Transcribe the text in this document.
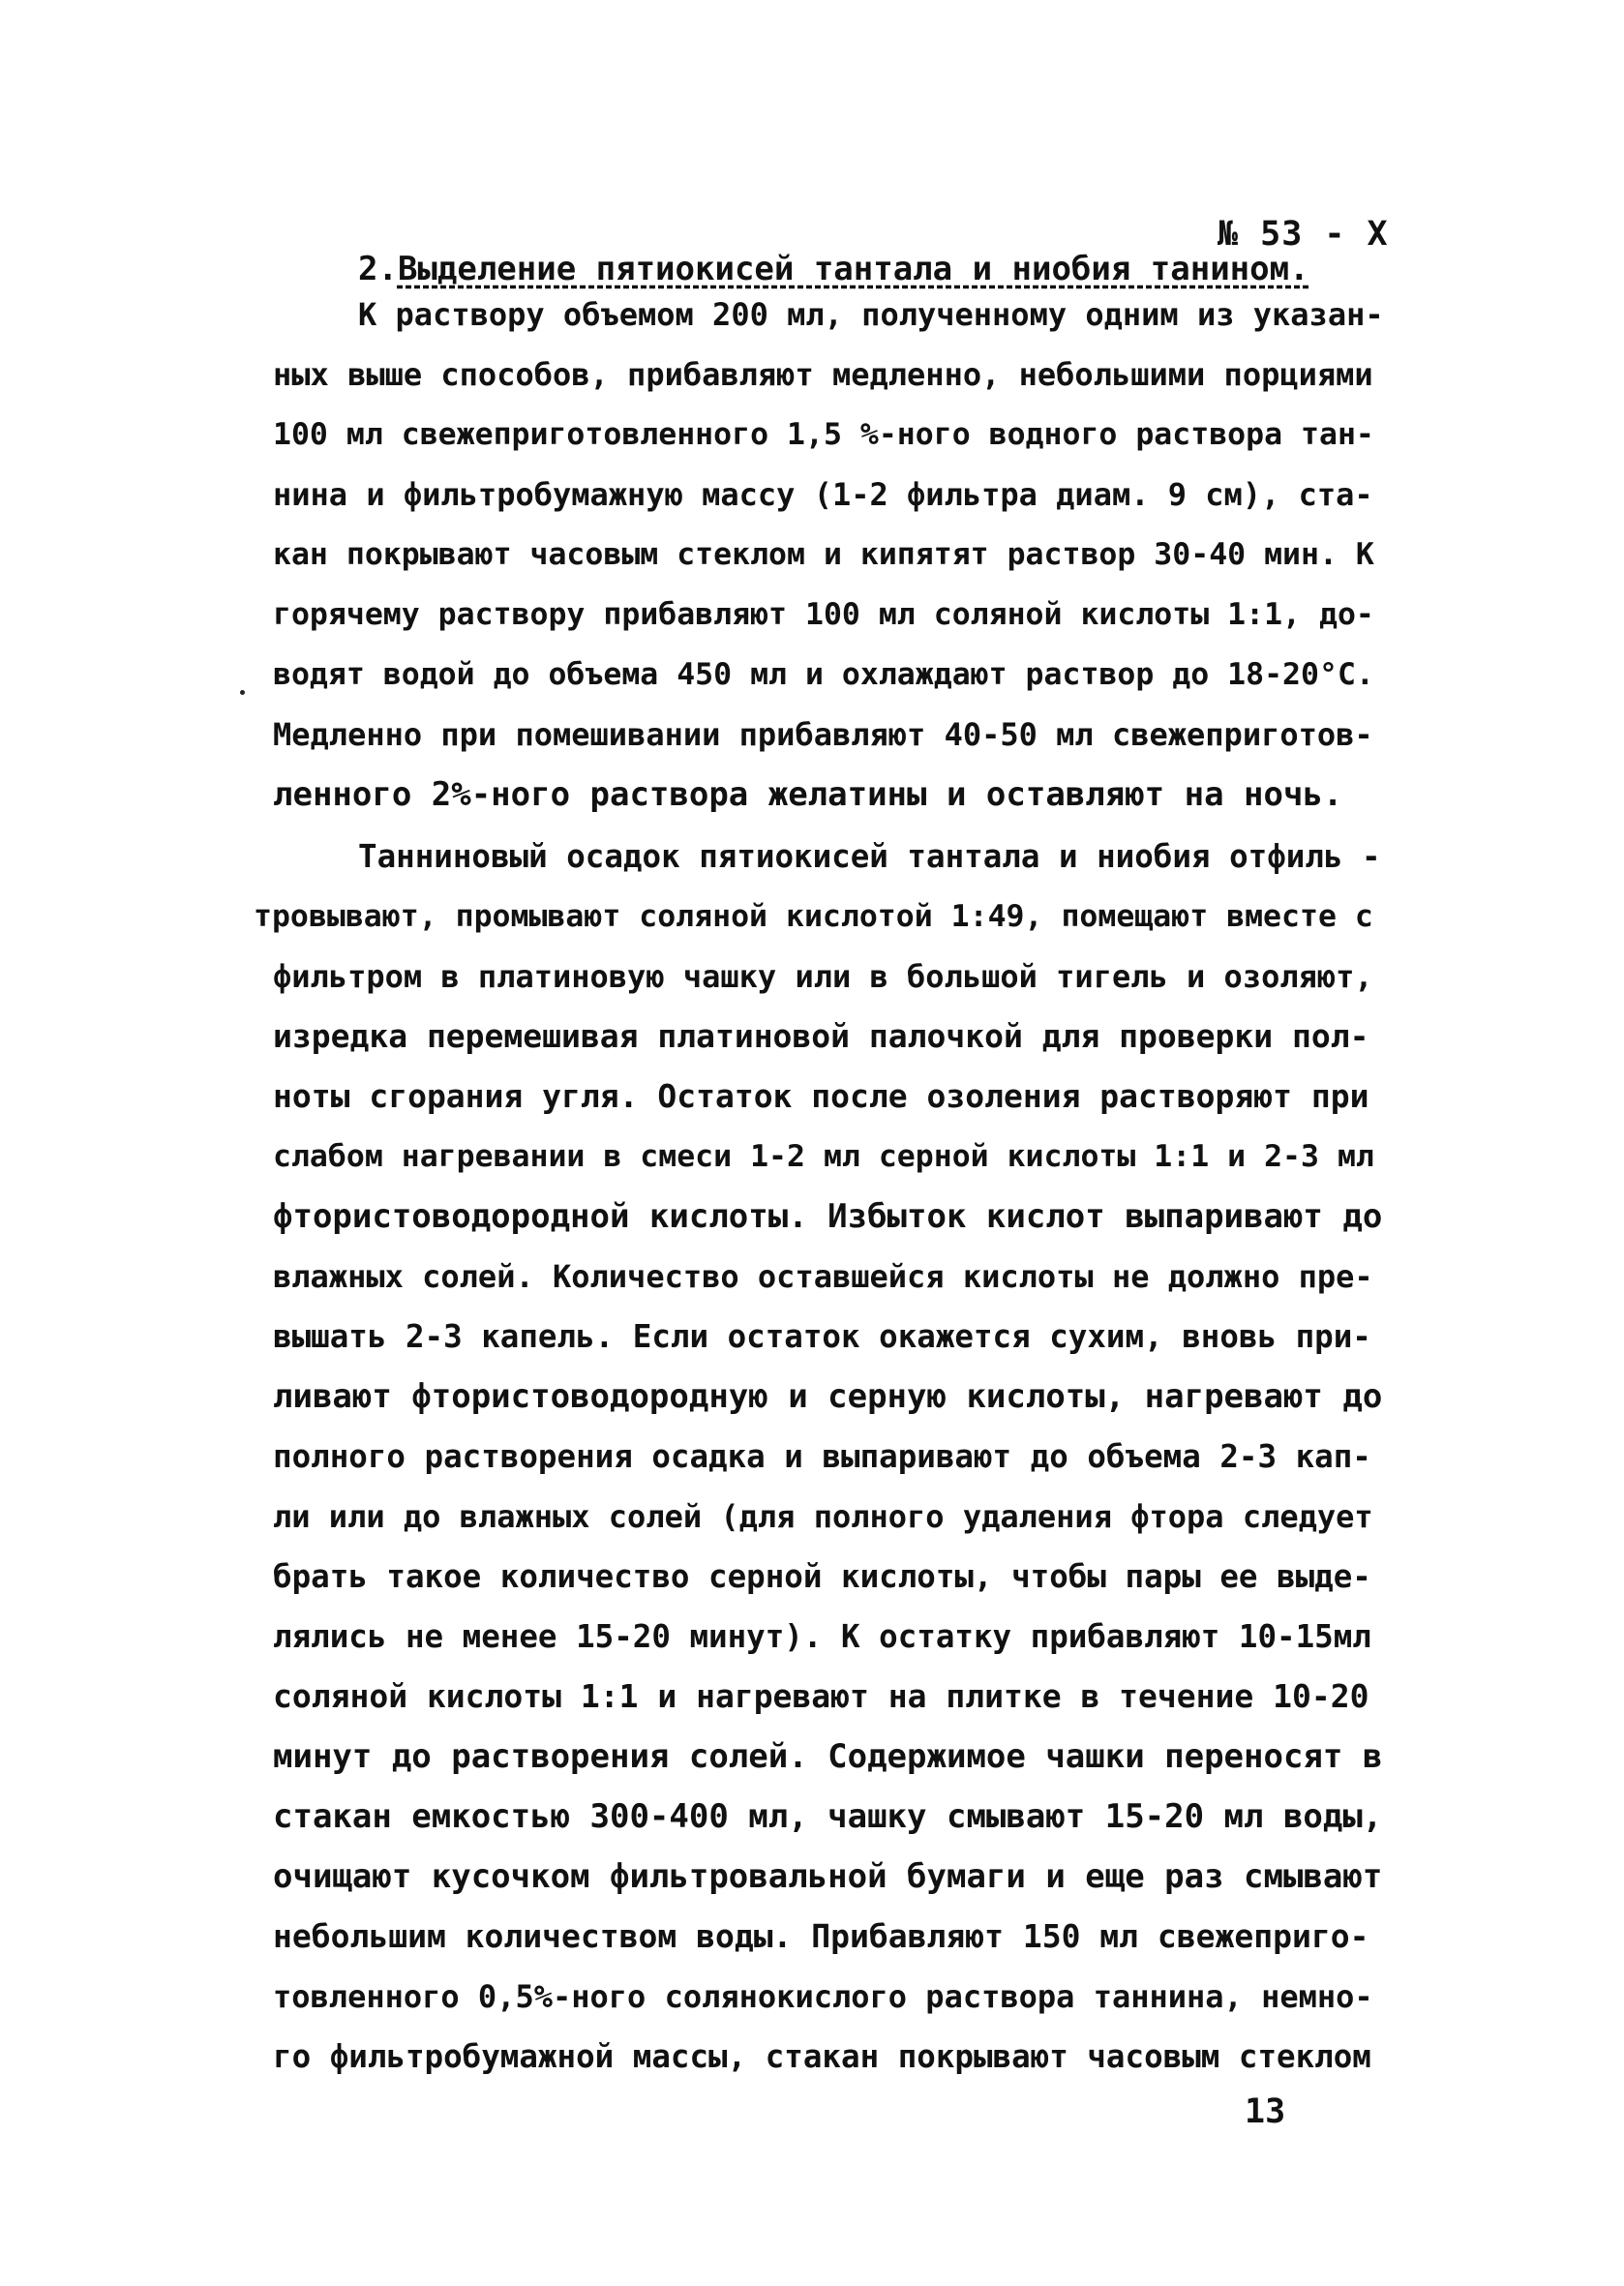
№ 53 - X
2.Выделение пятиокисей тантала и ниобия танином.
К раствору объемом 200 мл, полученному одним из указан-
ных выше способов, прибавляют медленно, небольшими порциями
100 мл свежеприготовленного 1,5 %-ного водного раствора тан-
нина и фильтробумажную массу (1-2 фильтра диам. 9 см), ста-
кан покрывают часовым стеклом и кипятят раствор 30-40 мин. К
горячему раствору прибавляют 100 мл соляной кислоты 1:1, до-
водят водой до объема 450 мл и охлаждают раствор до 18-20°С.
Медленно при помешивании прибавляют 40-50 мл свежеприготов-
ленного 2%-ного раствора желатины и оставляют на ночь.
Танниновый осадок пятиокисей тантала и ниобия отфиль -
тровывают, промывают соляной кислотой 1:49, помещают вместе с
фильтром в платиновую чашку или в большой тигель и озоляют,
изредка перемешивая платиновой палочкой для проверки пол-
ноты сгорания угля. Остаток после озоления растворяют при
слабом нагревании в смеси 1-2 мл серной кислоты 1:1 и 2-3 мл
фтористоводородной кислоты. Избыток кислот выпаривают до
влажных солей. Количество оставшейся кислоты не должно пре-
вышать 2-3 капель. Если остаток окажется сухим, вновь при-
ливают фтористоводородную и серную кислоты, нагревают до
полного растворения осадка и выпаривают до объема 2-3 кап-
ли или до влажных солей (для полного удаления фтора следует
брать такое количество серной кислоты, чтобы пары ее выде-
лялись не менее 15-20 минут). К остатку прибавляют 10-15мл
соляной кислоты 1:1 и нагревают на плитке в течение 10-20
минут до растворения солей. Содержимое чашки переносят в
стакан емкостью 300-400 мл, чашку смывают 15-20 мл воды,
очищают кусочком фильтровальной бумаги и еще раз смывают
небольшим количеством воды. Прибавляют 150 мл свежеприго-
товленного 0,5%-ного солянокислого раствора таннина, немно-
го фильтробумажной массы, стакан покрывают часовым стеклом
13
